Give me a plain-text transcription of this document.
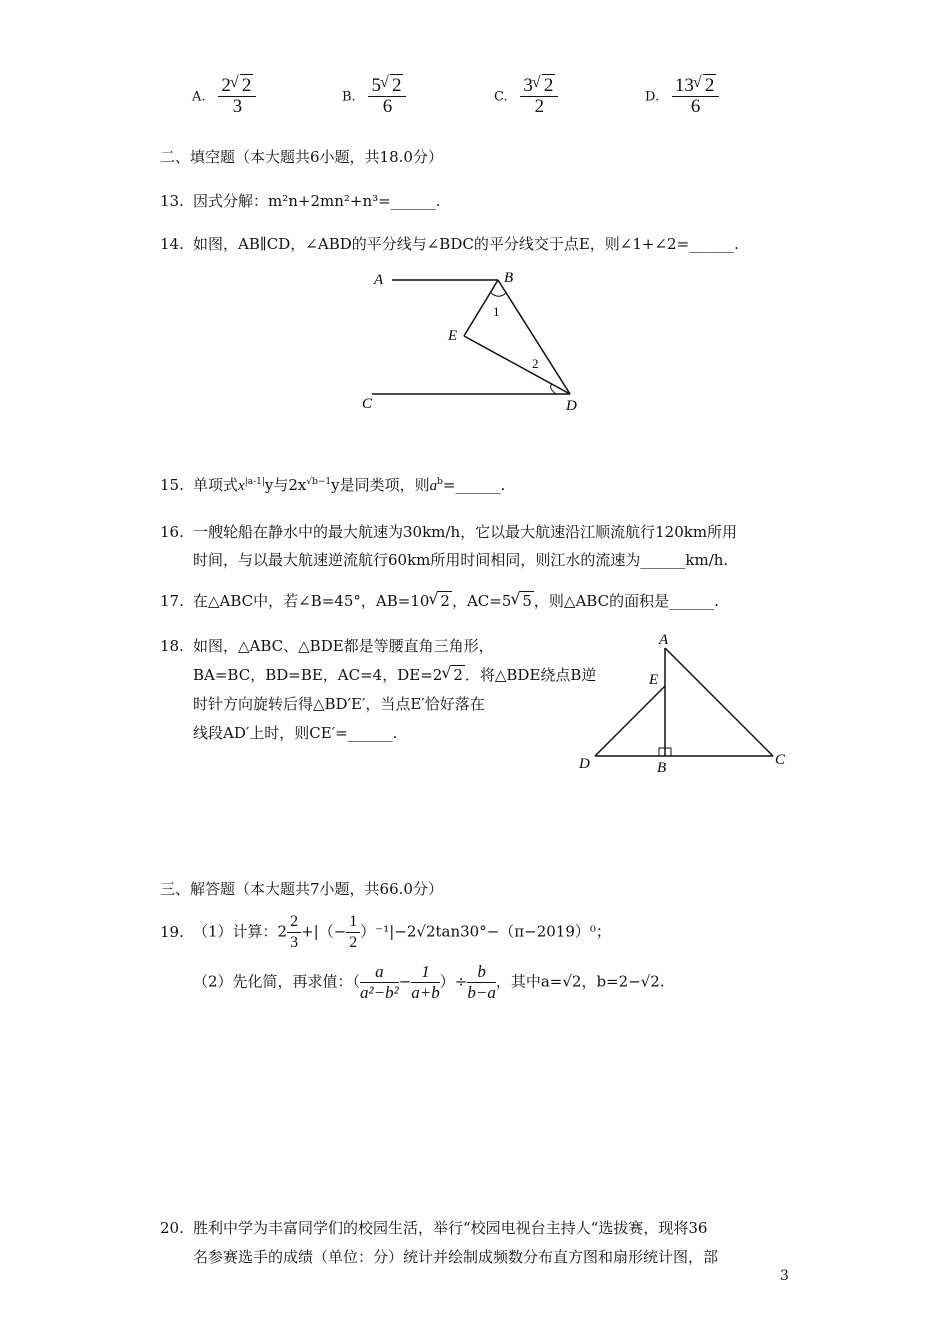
A. $\frac{2 √ 2}{3}$	B. $\frac{5 √ 2}{6}$	C. $\frac{3 √ 2}{2}$	D. $\frac{13 √ 2}{6}$
二、填空题（本大题共6小题，共18.0分）
13. 因式分解：m²n+2mn²+n³=______.
14. 如图，AB∥CD，∠ABD的平分线与∠BDC的平分线交于点E，则∠1+∠2=______.
A	B
E
C	D
1
2
15. 单项式$x^{|a-1|}y$与$2x^{√b-1}y$是同类项，则$a^b=\_\_\_\_\_\_$.
16. 一艘轮船在静水中的最大航速为30km/h，它以最大航速沿江顺流航行120km所用
时间，与以最大航速逆流航行60km所用时间相同，则江水的流速为______km/h.
17. 在△ABC中，若∠B=45°，AB=10 √ 2 ，AC=5 √ 5 ，则△ABC的面积是______.
18. 如图，△ABC、△BDE都是等腰直角三角形，
BA=BC，BD=BE，AC=4，DE=2 √ 2 ．将△BDE绕点B逆
时针方向旋转后得△BD′E′，当点E′恰好落在
线段AD′上时，则CE′=______.
A
E
D	B	C
三、解答题（本大题共7小题，共66.0分）
19. （1）计算：$2 \frac{2}{3}$ +|（− $\frac{1}{2} )^{-1}|-2√2\tan 30^\circ-(\pi-2019)^0$；
（2）先化简，再求值：（ $\frac{a}{\text{a²−b²}} - \frac{1}{a+b}$ ）÷ $\frac{b}{b-a}$ ，其中a=√2，b=2−√2.
20. 胜利中学为丰富同学们的校园生活，举行“校园电视台主持人“选拔赛，现将36
名参赛选手的成绩（单位：分）统计并绘制成频数分布直方图和扇形统计图，部
3
